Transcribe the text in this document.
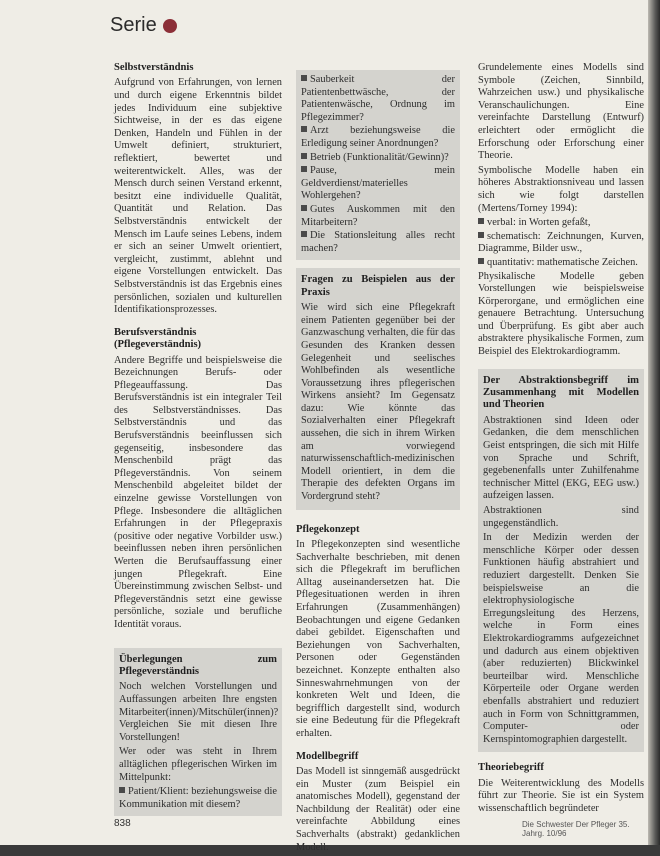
Serie
Selbstverständnis

Aufgrund von Erfahrungen, von lernen und durch eigene Erkenntnis bildet jedes Individuum eine subjektive Sichtweise, in der es das eigene Denken, Handeln und Fühlen in der Umwelt definiert, strukturiert, reflektiert, bewertet und weiterentwickelt. Alles, was der Mensch durch seinen Verstand erkennt, besitzt eine individuelle Qualität, Quantität und Relation. Das Selbstverständnis entwickelt der Mensch im Laufe seines Lebens, indem er sich an seiner Umwelt orientiert, vergleicht, zustimmt, ablehnt und eigene Vorstellungen entwickelt. Das Selbstverständnis ist das Ergebnis eines persönlichen, sozialen und kulturellen Identifikationsprozesses.

Berufsverständnis (Pflegeverständnis)

Andere Begriffe und beispielsweise die Bezeichnungen Berufs- oder Pflegeauffassung. Das Berufsverständnis ist ein integraler Teil des Selbstverständnisses. Das Selbstverständnis und das Berufsverständnis beeinflussen sich gegenseitig, insbesondere das Menschenbild prägt das Pflegeverständnis. Von seinem Menschenbild abgeleitet bildet der einzelne gewisse Vorstellungen von Pflege. Insbesondere die alltäglichen Erfahrungen in der Pflegepraxis (positive oder negative Vorbilder usw.) beeinflussen neben ihren persönlichen Werten die Berufsauffassung einer jungen Pflegekraft. Eine Übereinstimmung zwischen Selbst- und Pflegeverständnis setzt eine gewisse persönliche, soziale und berufliche Identität voraus.

Überlegungen zum Pflegeverständnis

Noch welchen Vorstellungen und Auffassungen arbeiten Ihre engsten Mitarbeiter(innen)/Mitschüler(innen)? Vergleichen Sie mit diesen Ihre Vorstellungen!

Wer oder was steht in Ihrem alltäglichen pflegerischen Wirken im Mittelpunkt:

Patient/Klient: beziehungsweise die Kommunikation mit diesem?

Sauberkeit der Patientenbettwäsche, der Patientenwäsche, Ordnung im Pflegezimmer?

Arzt beziehungsweise die Erledigung seiner Anordnungen?

Betrieb (Funktionalität/Gewinn)?

Pause, mein Geldverdienst/materielles Wohlergehen?

Gutes Auskommen mit den Mitarbeitern?

Die Stationsleitung alles recht machen?

Fragen zu Beispielen aus der Praxis

Wie wird sich eine Pflegekraft einem Patienten gegenüber bei der Ganzwaschung verhalten, die für das Gesunden des Kranken dessen Gelegenheit und seelisches Wohlbefinden als wesentliche Voraussetzung ihres pflegerischen Wirkens ansieht? Im Gegensatz dazu: Wie könnte das Sozialverhalten einer Pflegekraft aussehen, die sich in ihrem Wirken am vorwiegend naturwissenschaftlich-medizinischen Modell orientiert, in dem die Therapie des defekten Organs im Vordergrund steht?

Pflegekonzept

In Pflegekonzepten sind wesentliche Sachverhalte beschrieben, mit denen sich die Pflegekraft im beruflichen Alltag auseinandersetzen hat. Die Pflegesituationen werden in ihren Erfahrungen (Zusammenhängen) Beobachtungen und eigene Gedanken dabei gebildet. Eigenschaften und Beziehungen von Sachverhalten, Personen oder Gegenständen bezeichnet. Konzepte enthalten also Sinneswahrnehmungen von der konkreten Welt und Ideen, die begrifflich dargestellt sind, wodurch sie eine Bedeutung für die Pflegekraft erhalten.

Modellbegriff

Das Modell ist sinngemäß ausgedrückt ein Muster (zum Beispiel ein anatomisches Modell), gegenstand der Nachbildung der Realität) oder eine vereinfachte Abbildung eines Sachverhalts (abstrakt) gedanklichen Modell.

Grundelemente eines Modells sind Symbole (Zeichen, Sinnbild, Wahrzeichen usw.) und physikalische Veranschaulichungen. Eine vereinfachte Darstellung (Entwurf) erleichtert oder ermöglicht die Erforschung oder Erforschung einer Theorie.

Symbolische Modelle haben ein höheres Abstraktionsniveau und lassen sich wie folgt darstellen (Mertens/Torney 1994):

verbal: in Worten gefaßt,

schematisch: Zeichnungen, Kurven, Diagramme, Bilder usw.,

quantitativ: mathematische Zeichen.

Physikalische Modelle geben Vorstellungen wie beispielsweise Körperorgane, und ermöglichen eine genauere Betrachtung. Untersuchung und Überprüfung. Es gibt aber auch abstraktere physikalische Formen, zum Beispiel des Elektrokardiogramm.

Der Abstraktionsbegriff im Zusammenhang mit Modellen und Theorien

Abstraktionen sind Ideen oder Gedanken, die dem menschlichen Geist entspringen, die sich mit Hilfe von Sprache und Schrift, gegebenenfalls unter Zuhilfenahme technischer Mittel (EKG, EEG usw.) aufzeigen lassen.

Abstraktionen sind ungegenständlich.

In der Medizin werden der menschliche Körper oder dessen Funktionen häufig abstrahiert und reduziert dargestellt. Denken Sie beispielsweise an die elektrophysiologische Erregungsleitung des Herzens, welche in Form eines Elektrokardiogramms aufgezeichnet und dadurch aus einem objektiven (aber reduzierten) Blickwinkel beurteilbar wird. Menschliche Körperteile oder Organe werden ebenfalls abstrahiert und reduziert auch in Form von Schnittgrammen, Computer- oder Kernspintomographien dargestellt.

Theoriebegriff

Die Weiterentwicklung des Modells führt zur Theorie. Sie ist ein System wissenschaftlich begründeter

838	Die Schwester Der Pfleger 35. Jahrg. 10/96
